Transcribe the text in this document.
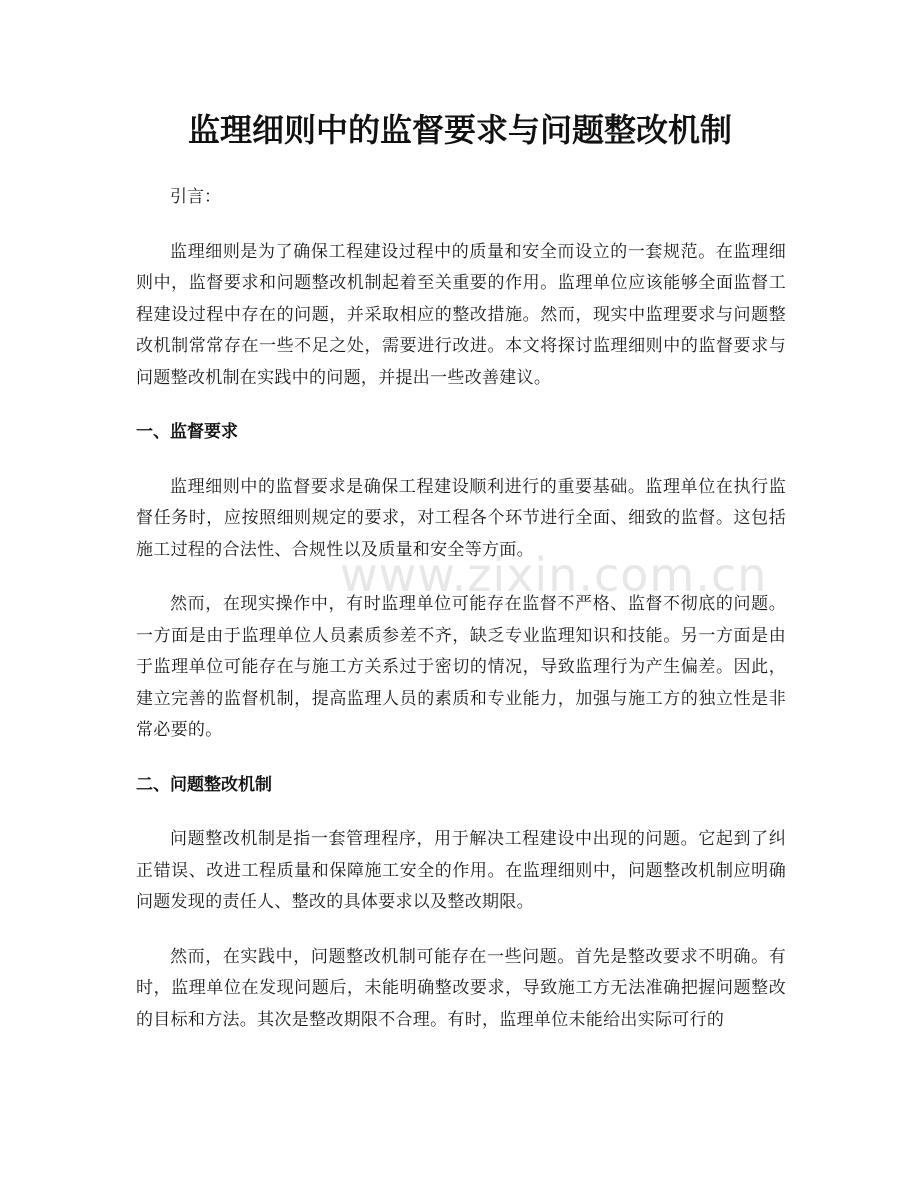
监理细则中的监督要求与问题整改机制

引言：

监理细则是为了确保工程建设过程中的质量和安全而设立的一套规范。在监理细则中，监督要求和问题整改机制起着至关重要的作用。监理单位应该能够全面监督工程建设过程中存在的问题，并采取相应的整改措施。然而，现实中监理要求与问题整改机制常常存在一些不足之处，需要进行改进。本文将探讨监理细则中的监督要求与问题整改机制在实践中的问题，并提出一些改善建议。

一、监督要求

监理细则中的监督要求是确保工程建设顺利进行的重要基础。监理单位在执行监督任务时，应按照细则规定的要求，对工程各个环节进行全面、细致的监督。这包括施工过程的合法性、合规性以及质量和安全等方面。

然而，在现实操作中，有时监理单位可能存在监督不严格、监督不彻底的问题。一方面是由于监理单位人员素质参差不齐，缺乏专业监理知识和技能。另一方面是由于监理单位可能存在与施工方关系过于密切的情况，导致监理行为产生偏差。因此，建立完善的监督机制，提高监理人员的素质和专业能力，加强与施工方的独立性是非常必要的。

二、问题整改机制

问题整改机制是指一套管理程序，用于解决工程建设中出现的问题。它起到了纠正错误、改进工程质量和保障施工安全的作用。在监理细则中，问题整改机制应明确问题发现的责任人、整改的具体要求以及整改期限。

然而，在实践中，问题整改机制可能存在一些问题。首先是整改要求不明确。有时，监理单位在发现问题后，未能明确整改要求，导致施工方无法准确把握问题整改的目标和方法。其次是整改期限不合理。有时，监理单位未能给出实际可行的

www.zixin.com.cn
